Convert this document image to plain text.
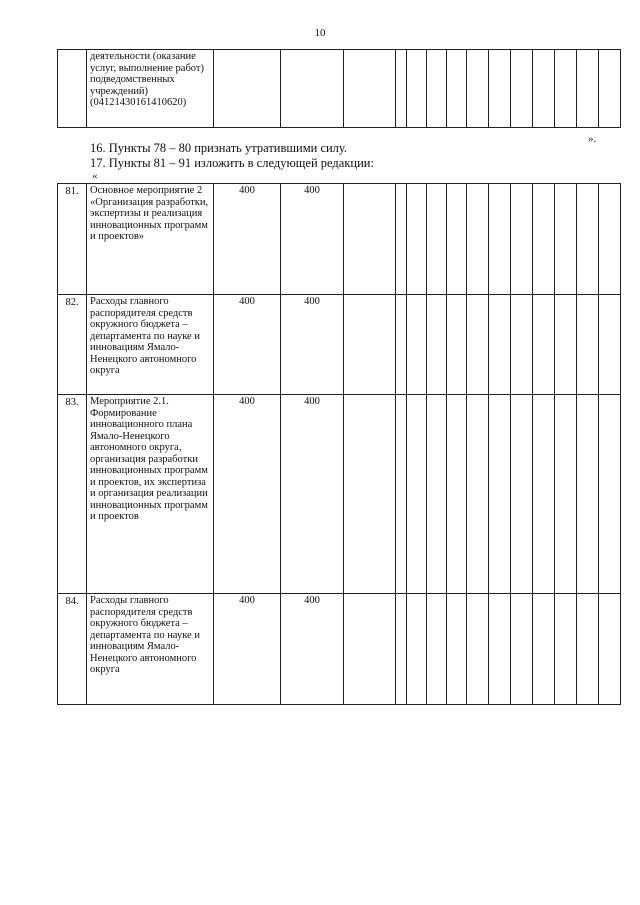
10
	деятельности (оказание услуг, выполнение работ) подведомственных учреждений) (04121430161410620)														
».
16. Пункты 78 – 80 признать утратившими силу.
17. Пункты 81 – 91 изложить в следующей редакции:
«
81.	Основное мероприятие 2 «Организация разработки, экспертизы и реализация инновационных программ и проектов»	400	400												
82.	Расходы главного распорядителя средств окружного бюджета – департамента по науке и инновациям Ямало-Ненецкого автономного округа	400	400												
83.	Мероприятие 2.1. Формирование инновационного плана Ямало-Ненецкого автономного округа, организация разработки инновационных программ и проектов, их экспертиза и организация реализации инновационных программ и проектов	400	400												
84.	Расходы главного распорядителя средств окружного бюджета – департамента по науке и инновациям Ямало-Ненецкого автономного округа	400	400												
